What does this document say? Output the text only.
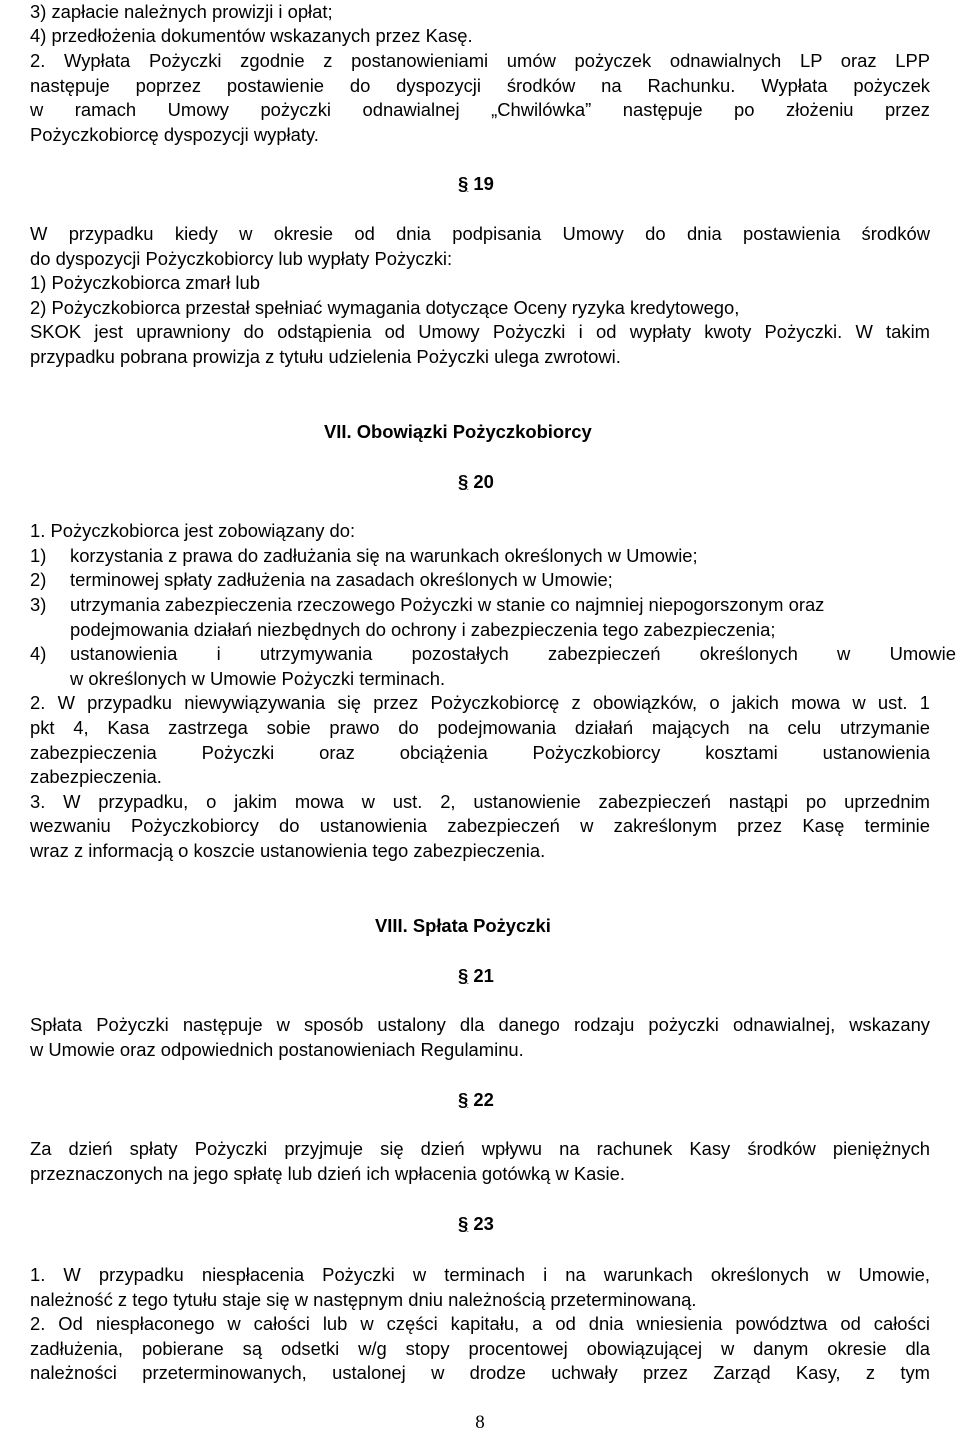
3) zapłacie należnych prowizji i opłat;

4) przedłożenia dokumentów wskazanych przez Kasę.

2. Wypłata Pożyczki zgodnie z postanowieniami umów pożyczek odnawialnych LP oraz LPP

następuje poprzez postawienie do dyspozycji środków na Rachunku. Wypłata pożyczek

w ramach Umowy pożyczki odnawialnej „Chwilówka” następuje po złożeniu przez

Pożyczkobiorcę dyspozycji wypłaty.

§ 19

W przypadku kiedy w okresie od dnia podpisania Umowy do dnia postawienia środków

do dyspozycji Pożyczkobiorcy lub wypłaty Pożyczki:

1) Pożyczkobiorca zmarł lub

2) Pożyczkobiorca przestał spełniać wymagania dotyczące Oceny ryzyka kredytowego,

SKOK jest uprawniony do odstąpienia od Umowy Pożyczki i od wypłaty kwoty Pożyczki. W takim

przypadku pobrana prowizja z tytułu udzielenia Pożyczki ulega zwrotowi.

VII. Obowiązki Pożyczkobiorcy
§ 20

1. Pożyczkobiorca jest zobowiązany do:

1) korzystania z prawa do zadłużania się na warunkach określonych w Umowie;

2) terminowej spłaty zadłużenia na zasadach określonych w Umowie;

3) utrzymania zabezpieczenia rzeczowego Pożyczki w stanie co najmniej niepogorszonym oraz

podejmowania działań niezbędnych do ochrony i zabezpieczenia tego zabezpieczenia;

4)	ustanowienia i utrzymywania pozostałych zabezpieczeń określonych w Umowie

w określonych w Umowie Pożyczki terminach.

2. W przypadku niewywiązywania się przez Pożyczkobiorcę z obowiązków, o jakich mowa w ust. 1

pkt 4, Kasa zastrzega sobie prawo do podejmowania działań mających na celu utrzymanie

zabezpieczenia Pożyczki oraz obciążenia Pożyczkobiorcy kosztami ustanowienia

zabezpieczenia.

3. W przypadku, o jakim mowa w ust. 2, ustanowienie zabezpieczeń nastąpi po uprzednim

wezwaniu Pożyczkobiorcy do ustanowienia zabezpieczeń w zakreślonym przez Kasę terminie

wraz z informacją o koszcie ustanowienia tego zabezpieczenia.

VIII. Spłata Pożyczki
§ 21

Spłata Pożyczki następuje w sposób ustalony dla danego rodzaju pożyczki odnawialnej, wskazany

w Umowie oraz odpowiednich postanowieniach Regulaminu.

§ 22

Za dzień spłaty Pożyczki przyjmuje się dzień wpływu na rachunek Kasy środków pieniężnych

przeznaczonych na jego spłatę lub dzień ich wpłacenia gotówką w Kasie.

§ 23

1. W przypadku niespłacenia Pożyczki w terminach i na warunkach określonych w Umowie,

należność z tego tytułu staje się w następnym dniu należnością przeterminowaną.

2. Od niespłaconego w całości lub w części kapitału, a od dnia wniesienia powództwa od całości

zadłużenia, pobierane są odsetki w/g stopy procentowej obowiązującej w danym okresie dla

należności przeterminowanych, ustalonej w drodze uchwały przez Zarząd Kasy, z tym

8
